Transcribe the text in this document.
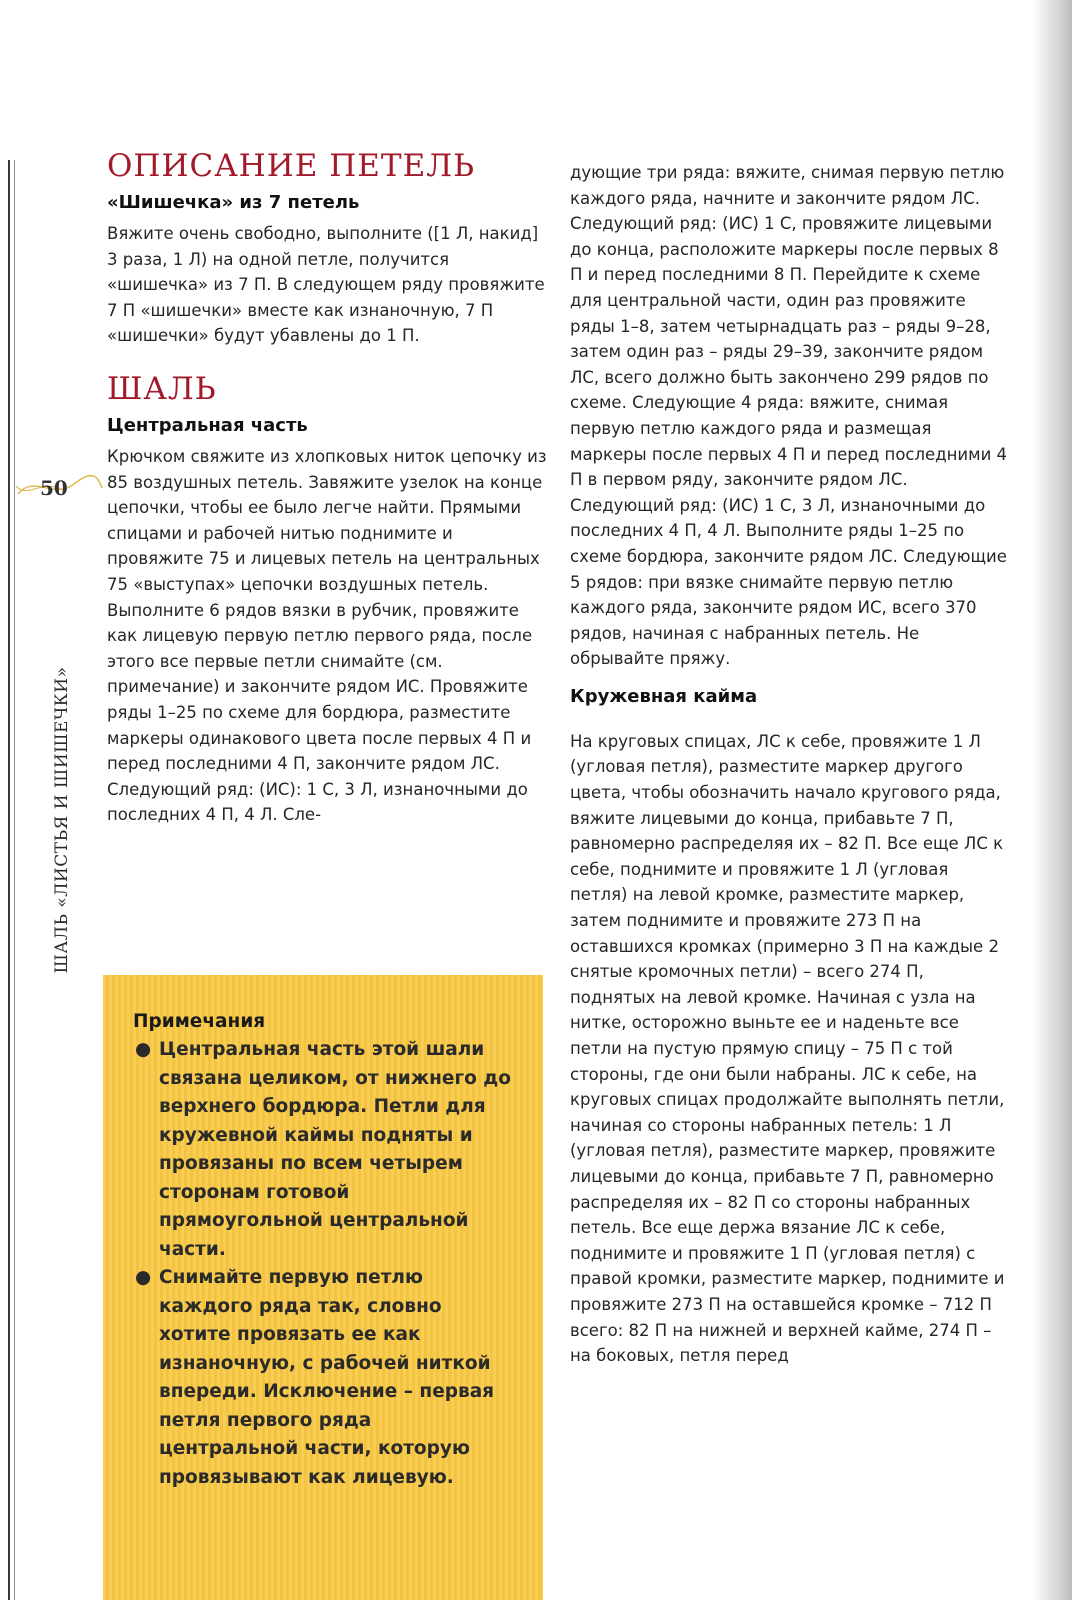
50
ШАЛЬ «ЛИСТЬЯ И ШИШЕЧКИ»
ОПИСАНИЕ ПЕТЕЛЬ
«Шишечка» из 7 петель

Вяжите очень свободно, выполните ([1 Л, накид] 3 раза, 1 Л) на одной петле, получится «шишечка» из 7 П. В следующем ряду провяжите 7 П «шишечки» вместе как изнаночную, 7 П «шишечки» будут убавлены до 1 П.

ШАЛЬ
Центральная часть

Крючком свяжите из хлопковых ниток цепочку из 85 воздушных петель. Завяжите узелок на конце цепочки, чтобы ее было легче найти. Прямыми спицами и рабочей нитью поднимите и провяжите 75 и лицевых петель на центральных 75 «выступах» цепочки воздушных петель. Выполните 6 рядов вязки в рубчик, провяжите как лицевую первую петлю первого ряда, после этого все первые петли снимайте (см. примечание) и закончите рядом ИС. Провяжите ряды 1–25 по схеме для бордюра, разместите маркеры одинакового цвета после первых 4 П и перед последними 4 П, закончите рядом ЛС. Следующий ряд: (ИС): 1 С, 3 Л, изнаночными до последних 4 П, 4 Л. Сле-

Примечания
● Центральная часть этой шали связана целиком, от нижнего до верхнего бордюра. Петли для кружевной каймы подняты и провязаны по всем четырем сторонам готовой прямоугольной центральной части.
● Снимайте первую петлю каждого ряда так, словно хотите провязать ее как изнаночную, с рабочей ниткой впереди. Исключение – первая петля первого ряда центральной части, которую провязывают как лицевую.

дующие три ряда: вяжите, снимая первую петлю каждого ряда, начните и закончите рядом ЛС. Следующий ряд: (ИС) 1 С, провяжите лицевыми до конца, расположите маркеры после первых 8 П и перед последними 8 П. Перейдите к схеме для центральной части, один раз провяжите ряды 1–8, затем четырнадцать раз – ряды 9–28, затем один раз – ряды 29–39, закончите рядом ЛС, всего должно быть закончено 299 рядов по схеме. Следующие 4 ряда: вяжите, снимая первую петлю каждого ряда и размещая маркеры после первых 4 П и перед последними 4 П в первом ряду, закончите рядом ЛС. Следующий ряд: (ИС) 1 С, 3 Л, изнаночными до последних 4 П, 4 Л. Выполните ряды 1–25 по схеме бордюра, закончите рядом ЛС. Следующие 5 рядов: при вязке снимайте первую петлю каждого ряда, закончите рядом ИС, всего 370 рядов, начиная с набранных петель. Не обрывайте пряжу.

Кружевная кайма

На круговых спицах, ЛС к себе, провяжите 1 Л (угловая петля), разместите маркер другого цвета, чтобы обозначить начало кругового ряда, вяжите лицевыми до конца, прибавьте 7 П, равномерно распределяя их – 82 П. Все еще ЛС к себе, поднимите и провяжите 1 Л (угловая петля) на левой кромке, разместите маркер, затем поднимите и провяжите 273 П на оставшихся кромках (примерно 3 П на каждые 2 снятые кромочных петли) – всего 274 П, поднятых на левой кромке. Начиная с узла на нитке, осторожно выньте ее и наденьте все петли на пустую прямую спицу – 75 П с той стороны, где они были набраны. ЛС к себе, на круговых спицах продолжайте выполнять петли, начиная со стороны набранных петель: 1 Л (угловая петля), разместите маркер, провяжите лицевыми до конца, прибавьте 7 П, равномерно распределяя их – 82 П со стороны набранных петель. Все еще держа вязание ЛС к себе, поднимите и провяжите 1 П (угловая петля) с правой кромки, разместите маркер, поднимите и провяжите 273 П на оставшейся кромке – 712 П всего: 82 П на нижней и верхней кайме, 274 П – на боковых, петля перед
